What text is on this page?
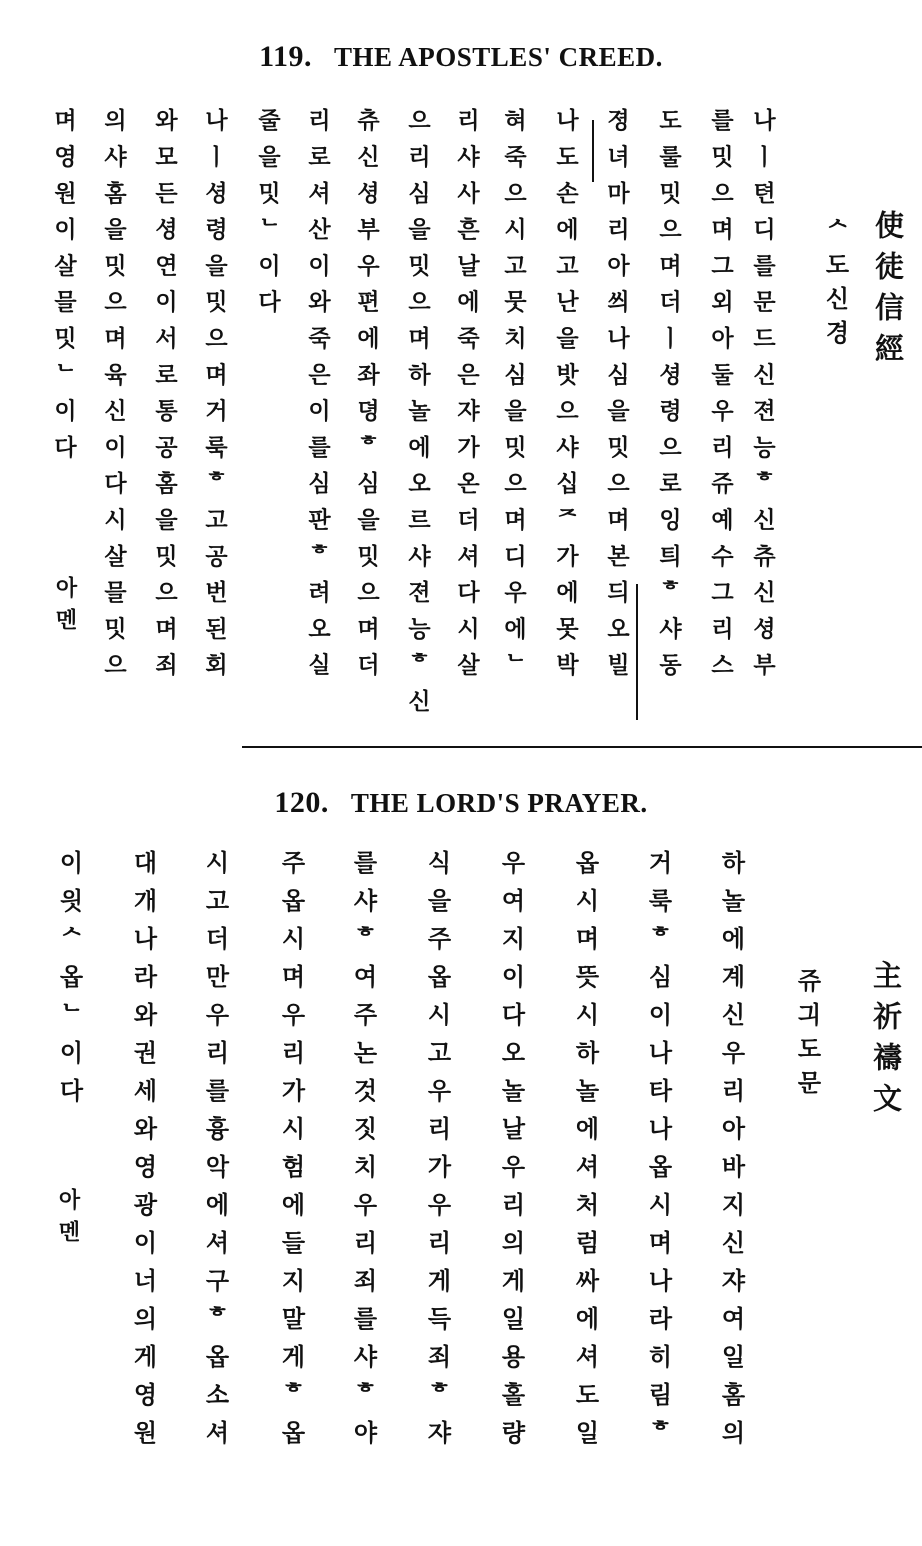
119. THE APOSTLES' CREED.
使徒信經
ᄉ도신경
나ㅣ텬디를문드신젼능ᄒ신츄신셩부
를밋으며그외아둘우리쥬예수그리스
도룰밋으며더ㅣ셩령으로잉틔ᄒ샤동
졍녀마리아씌나심을밋으며본듸오빌
나도손에고난을밧으샤십ᄌ가에못박
혀죽으시고뭇치심을밋으며디우에ᄂ
리샤사흔날에죽은쟈가온더셔다시살
으리심을밋으며하놀에오르샤젼능ᄒ신
츄신셩부우편에좌뎡ᄒ심을밋으며더
리로셔산이와죽은이를심판ᄒ려오실
줄을밋ᄂ이다
나ㅣ셩령을밋으며거룩ᄒ고공번된회
와모든셩연이서로통공홈을밋으며죄
의샤홈을밋으며육신이다시살믈밋으
며영원이살믈밋ᄂ이다
아멘
120. THE LORD'S PRAYER.
主祈禱文
쥬긔도문
하놀에계신우리아바지신쟈여일홈의
거룩ᄒ심이나타나옵시며나라히림ᄒ
옵시며뜻시하놀에셔처럼싸에셔도일
우여지이다오놀날우리의게일용홀량
식을주옵시고우리가우리게득죄ᄒ쟈
를샤ᄒ여주논것짓치우리죄를샤ᄒ야
주옵시며우리가시험에들지말게ᄒ옵
시고더만우리를흉악에셔구ᄒ옵소셔
대개나라와권세와영광이너의게영원
이읫ᄉ옵ᄂ이다
아멘
